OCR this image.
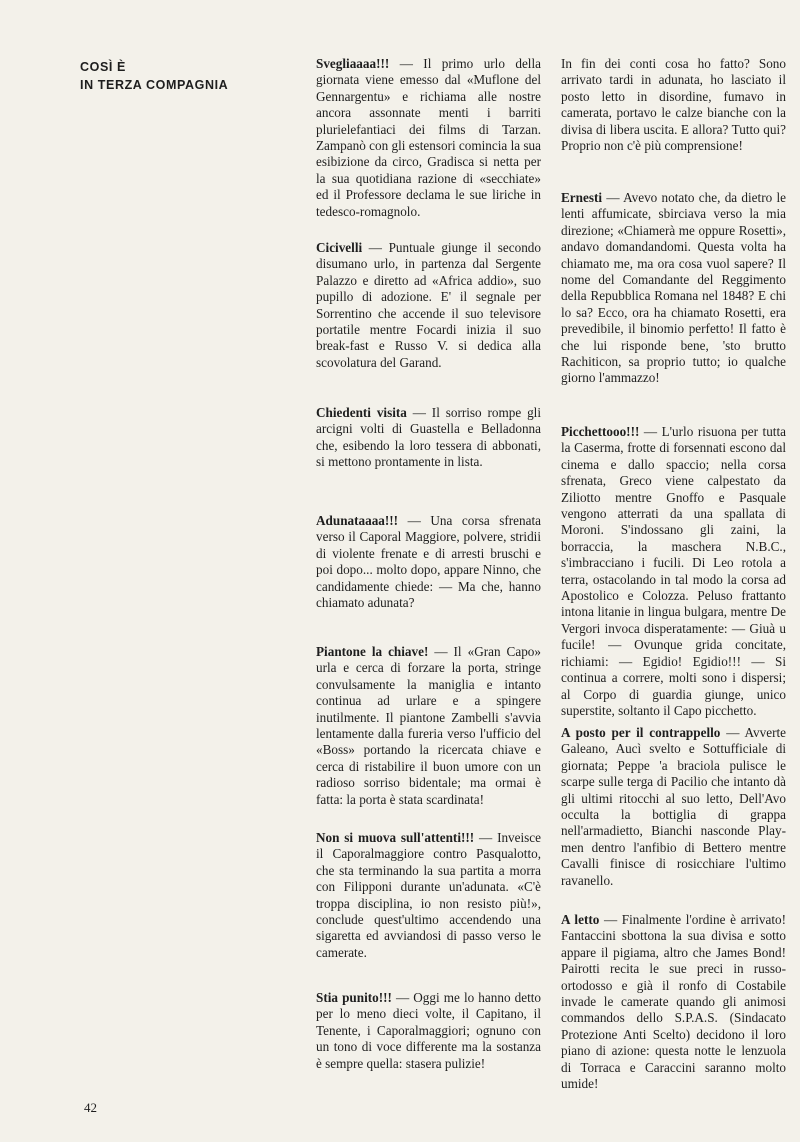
COSÌ È
IN TERZA COMPAGNIA

Svegliaaaa!!! — Il primo urlo della giornata viene emesso dal «Muflone del Gennargentu» e richiama alle nostre ancora assonnate menti i barriti plurielefantiaci dei films di Tarzan. Zampanò con gli estensori comincia la sua esibizione da circo, Gradisca si netta per la sua quotidiana razione di «secchiate» ed il Professore declama le sue liriche in tedesco-romagnolo.

Cicivelli — Puntuale giunge il secondo disumano urlo, in partenza dal Sergente Palazzo e diretto ad «Africa addio», suo pupillo di adozione. E' il segnale per Sorrentino che accende il suo televisore portatile mentre Focardi inizia il suo break-fast e Russo V. si dedica alla scovolatura del Garand.

Chiedenti visita — Il sorriso rompe gli arcigni volti di Guastella e Belladonna che, esibendo la loro tessera di abbonati, si mettono prontamente in lista.

Adunataaaa!!! — Una corsa sfrenata verso il Caporal Maggiore, polvere, stridii di violente frenate e di arresti bruschi e poi dopo... molto dopo, appare Ninno, che candidamente chiede: — Ma che, hanno chiamato adunata?

Piantone la chiave! — Il «Gran Capo» urla e cerca di forzare la porta, stringe convulsamente la maniglia e intanto continua ad urlare e a spingere inutilmente. Il piantone Zambelli s'avvia lentamente dalla fureria verso l'ufficio del «Boss» portando la ricercata chiave e cerca di ristabilire il buon umore con un radioso sorriso bidentale; ma ormai è fatta: la porta è stata scardinata!

Non si muova sull'attenti!!! — Inveisce il Caporalmaggiore contro Pasqualotto, che sta terminando la sua partita a morra con Filipponi durante un'adunata. «C'è troppa disciplina, io non resisto più!», conclude quest'ultimo accendendo una sigaretta ed avviandosi di passo verso le camerate.

Stia punito!!! — Oggi me lo hanno detto per lo meno dieci volte, il Capitano, il Tenente, i Caporalmaggiori; ognuno con un tono di voce differente ma la sostanza è sempre quella: stasera pulizie!

In fin dei conti cosa ho fatto? Sono arrivato tardi in adunata, ho lasciato il posto letto in disordine, fumavo in camerata, portavo le calze bianche con la divisa di libera uscita. E allora? Tutto qui? Proprio non c'è più comprensione!

Ernesti — Avevo notato che, da dietro le lenti affumicate, sbirciava verso la mia direzione; «Chiamerà me oppure Rosetti», andavo domandandomi. Questa volta ha chiamato me, ma ora cosa vuol sapere? Il nome del Comandante del Reggimento della Repubblica Romana nel 1848? E chi lo sa? Ecco, ora ha chiamato Rosetti, era prevedibile, il binomio perfetto! Il fatto è che lui risponde bene, 'sto brutto Rachiticon, sa proprio tutto; io qualche giorno l'ammazzo!

Picchettooo!!! — L'urlo risuona per tutta la Caserma, frotte di forsennati escono dal cinema e dallo spaccio; nella corsa sfrenata, Greco viene calpestato da Ziliotto mentre Gnoffo e Pasquale vengono atterrati da una spallata di Moroni. S'indossano gli zaini, la borraccia, la maschera N.B.C., s'imbracciano i fucili. Di Leo rotola a terra, ostacolando in tal modo la corsa ad Apostolico e Colozza. Peluso frattanto intona litanie in lingua bulgara, mentre De Vergori invoca disperatamente: — Giuà u fucile! — Ovunque grida concitate, richiami: — Egidio! Egidio!!! — Si continua a correre, molti sono i dispersi; al Corpo di guardia giunge, unico superstite, soltanto il Capo picchetto.

A posto per il contrappello — Avverte Galeano, Aucì svelto e Sottufficiale di giornata; Peppe 'a braciola pulisce le scarpe sulle terga di Pacilio che intanto dà gli ultimi ritocchi al suo letto, Dell'Avo occulta la bottiglia di grappa nell'armadietto, Bianchi nasconde Play-men dentro l'anfibio di Bettero mentre Cavalli finisce di rosicchiare l'ultimo ravanello.

A letto — Finalmente l'ordine è arrivato! Fantaccini sbottona la sua divisa e sotto appare il pigiama, altro che James Bond! Pairotti recita le sue preci in russo-ortodosso e già il ronfo di Costabile invade le camerate quando gli animosi commandos dello S.P.A.S. (Sindacato Protezione Anti Scelto) decidono il loro piano di azione: questa notte le lenzuola di Torraca e Caraccini saranno molto umide!

42
